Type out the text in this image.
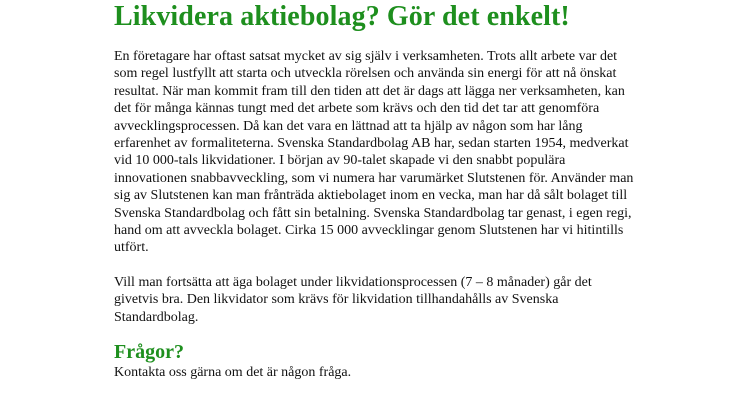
Likvidera aktiebolag? Gör det enkelt!

En företagare har oftast satsat mycket av sig själv i verksamheten. Trots allt arbete var det som regel lustfyllt att starta och utveckla rörelsen och använda sin energi för att nå önskat resultat. När man kommit fram till den tiden att det är dags att lägga ner verksamheten, kan det för många kännas tungt med det arbete som krävs och den tid det tar att genomföra avvecklingsprocessen. Då kan det vara en lättnad att ta hjälp av någon som har lång erfarenhet av formaliteterna. Svenska Standardbolag AB har, sedan starten 1954, medverkat vid 10 000-tals likvidationer. I början av 90-talet skapade vi den snabbt populära innovationen snabbavveckling, som vi numera har varumärket Slutstenen för. Använder man sig av Slutstenen kan man frånträda aktiebolaget inom en vecka, man har då sålt bolaget till Svenska Standardbolag och fått sin betalning. Svenska Standardbolag tar genast, i egen regi, hand om att avveckla bolaget. Cirka 15 000 avvecklingar genom Slutstenen har vi hitintills utfört.

Vill man fortsätta att äga bolaget under likvidationsprocessen (7 – 8 månader) går det givetvis bra. Den likvidator som krävs för likvidation tillhandahålls av Svenska Standardbolag.

Frågor?

Kontakta oss gärna om det är någon fråga.
